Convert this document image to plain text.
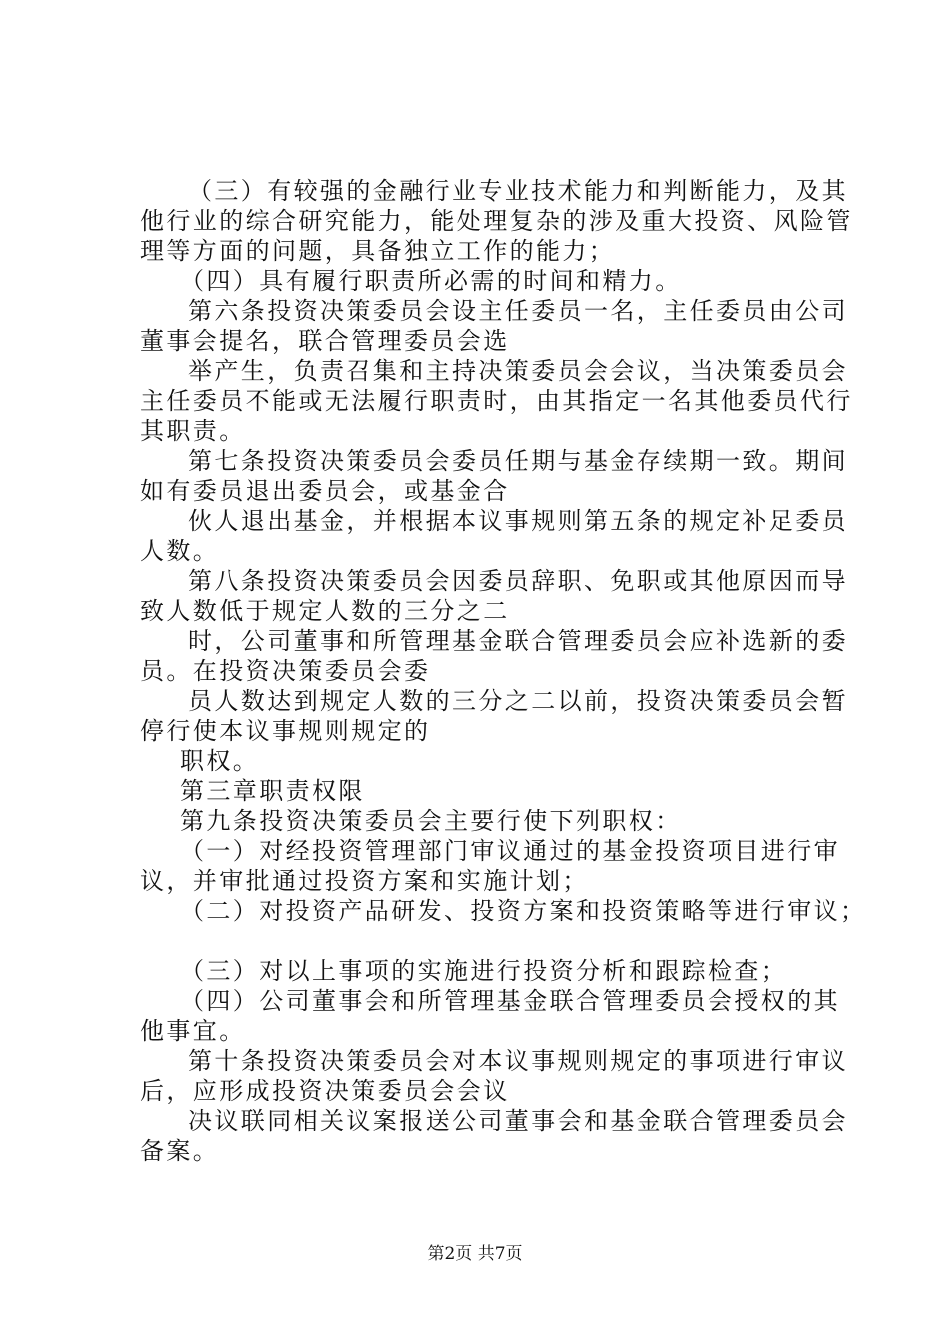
（三）有较强的金融行业专业技术能力和判断能力，及其
他行业的综合研究能力，能处理复杂的涉及重大投资、风险管
理等方面的问题，具备独立工作的能力；
（四）具有履行职责所必需的时间和精力。
第六条投资决策委员会设主任委员一名，主任委员由公司
董事会提名，联合管理委员会选
举产生，负责召集和主持决策委员会会议，当决策委员会
主任委员不能或无法履行职责时，由其指定一名其他委员代行
其职责。
第七条投资决策委员会委员任期与基金存续期一致。期间
如有委员退出委员会，或基金合
伙人退出基金，并根据本议事规则第五条的规定补足委员
人数。
第八条投资决策委员会因委员辞职、免职或其他原因而导
致人数低于规定人数的三分之二
时，公司董事和所管理基金联合管理委员会应补选新的委
员。在投资决策委员会委
员人数达到规定人数的三分之二以前，投资决策委员会暂
停行使本议事规则规定的
职权。
第三章职责权限
第九条投资决策委员会主要行使下列职权：
（一）对经投资管理部门审议通过的基金投资项目进行审
议，并审批通过投资方案和实施计划；
（二）对投资产品研发、投资方案和投资策略等进行审议；
（三）对以上事项的实施进行投资分析和跟踪检查；
（四）公司董事会和所管理基金联合管理委员会授权的其
他事宜。
第十条投资决策委员会对本议事规则规定的事项进行审议
后，应形成投资决策委员会会议
决议联同相关议案报送公司董事会和基金联合管理委员会
备案。
第2页 共7页
